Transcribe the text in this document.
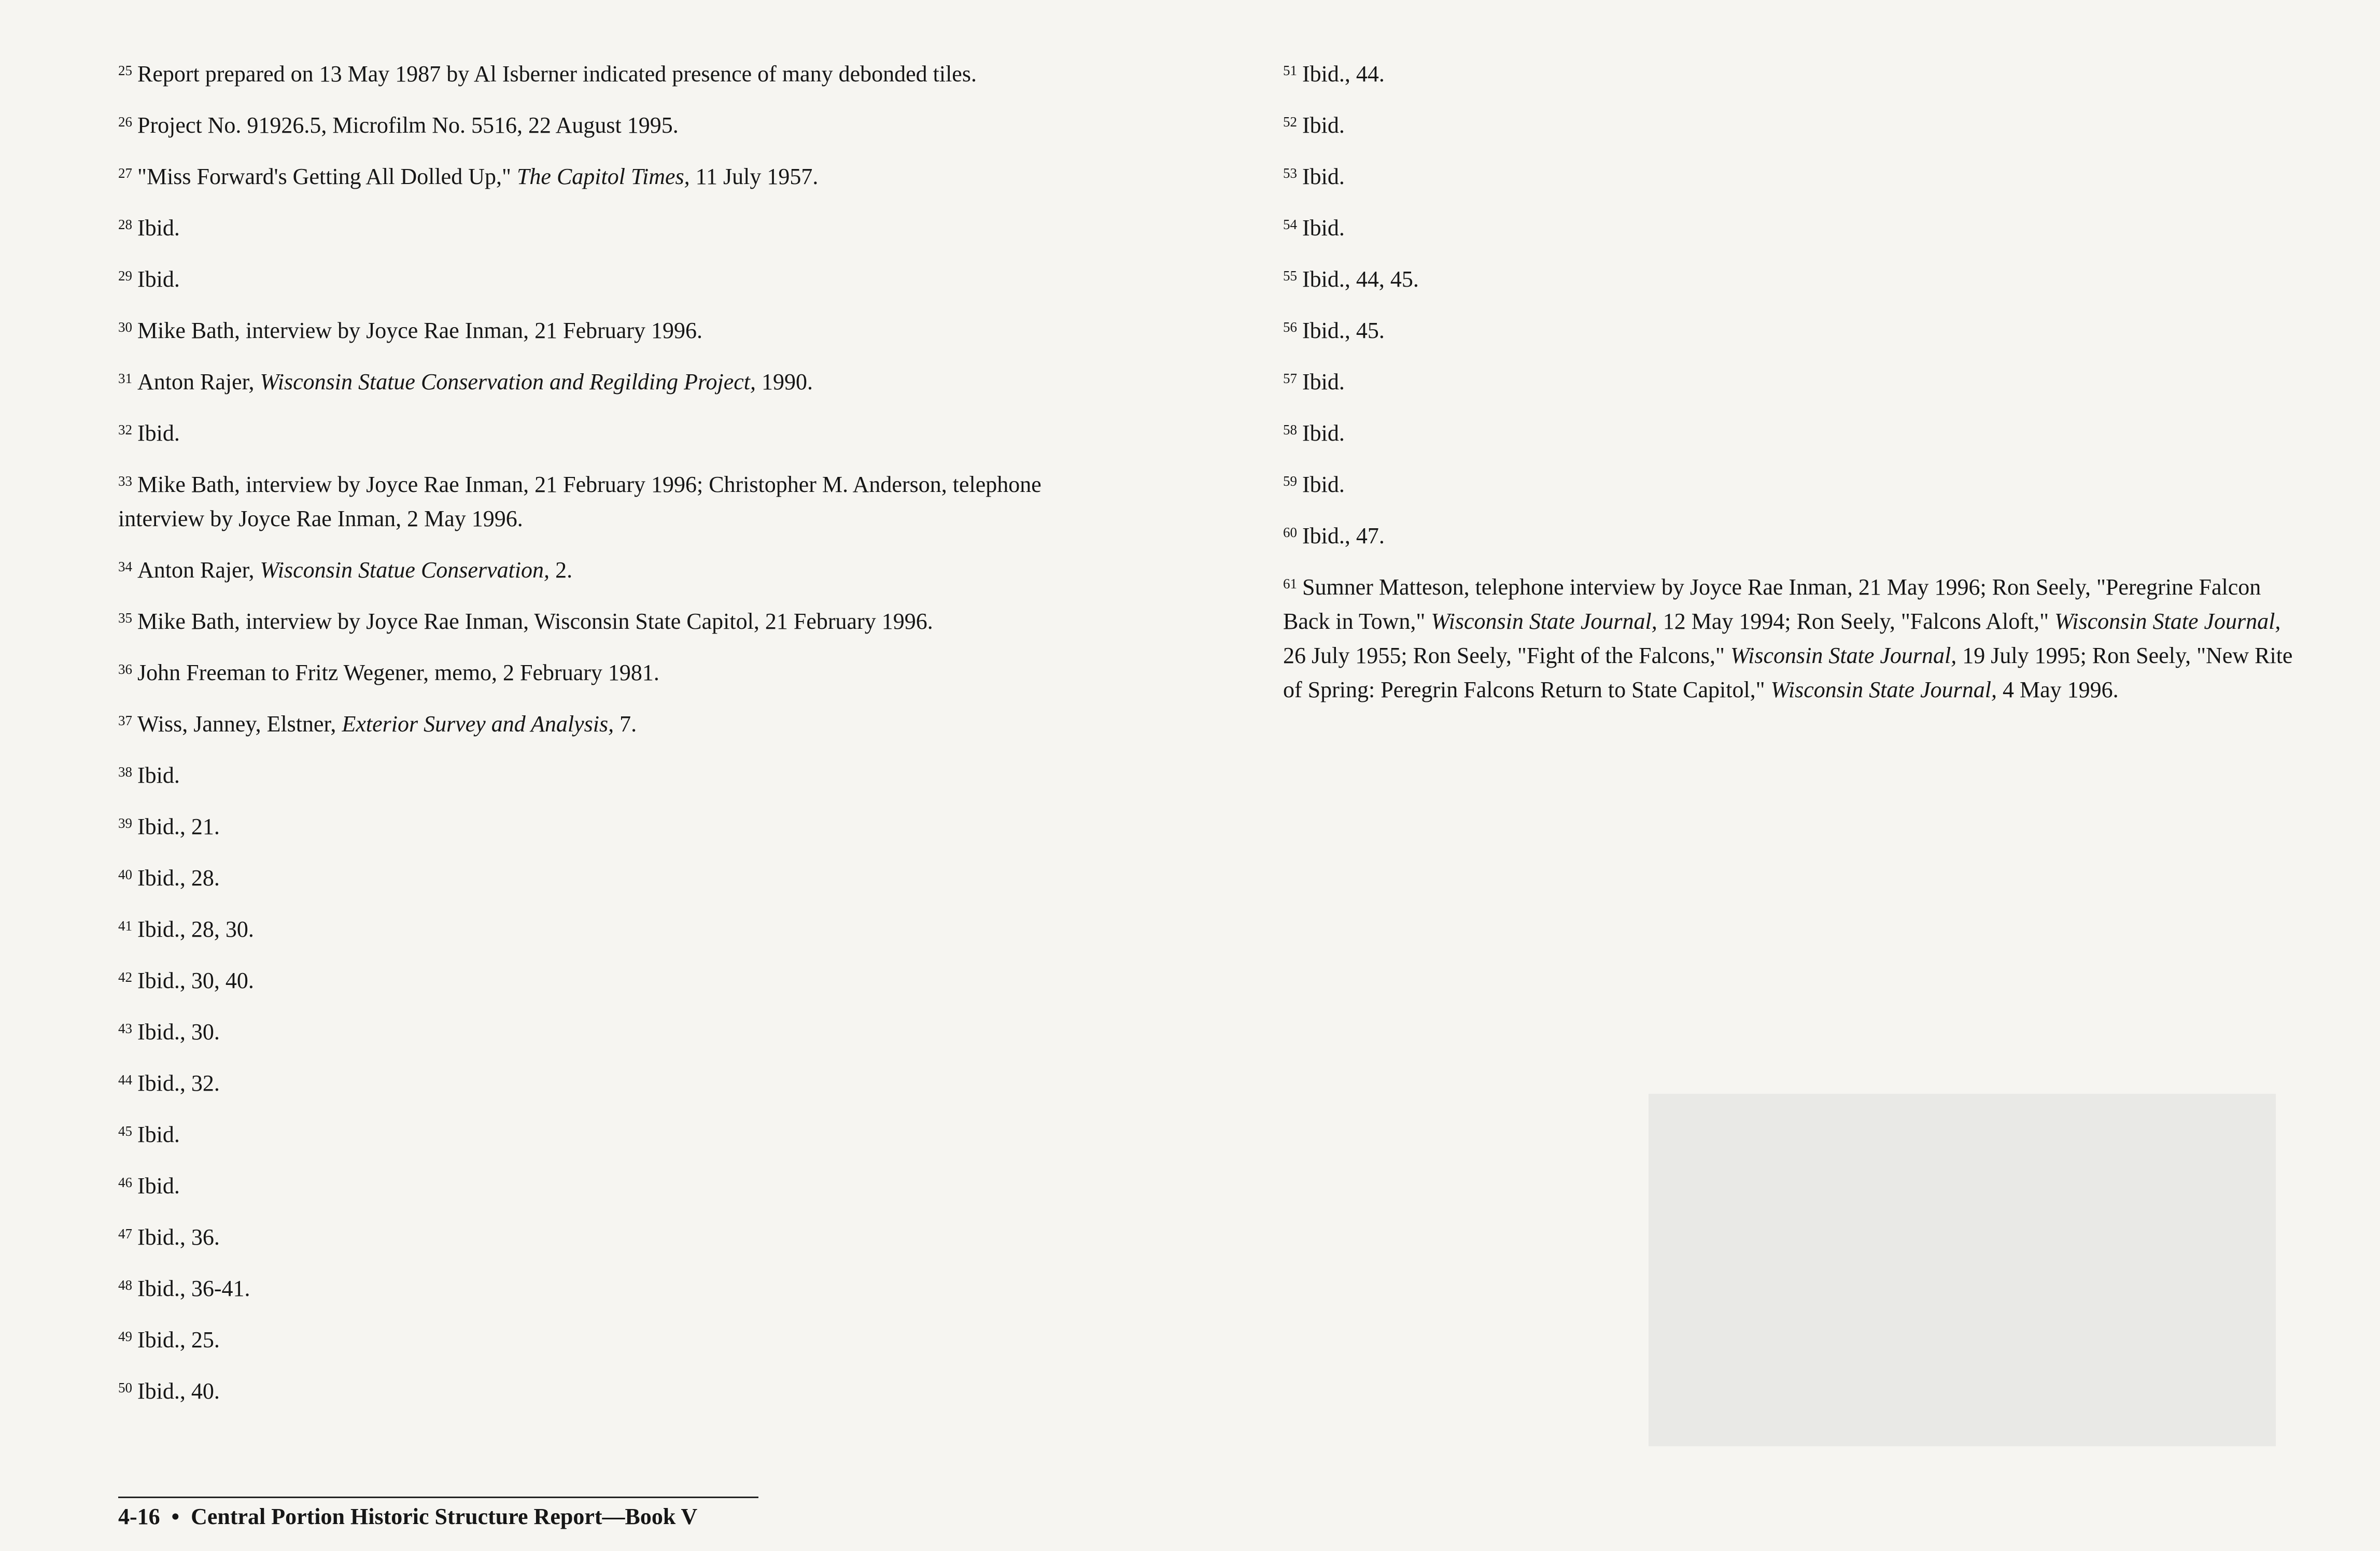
$^{25}$ Report prepared on 13 May 1987 by Al Isberner indicated presence of many debonded tiles.

$^{26}$ Project No. 91926.5, Microfilm No. 5516, 22 August 1995.

$^{27}$ "Miss Forward's Getting All Dolled Up," The Capitol Times, 11 July 1957.

$^{28}$ Ibid.

$^{29}$ Ibid.

$^{30}$ Mike Bath, interview by Joyce Rae Inman, 21 February 1996.

$^{31}$ Anton Rajer, Wisconsin Statue Conservation and Regilding Project, 1990.

$^{32}$ Ibid.

$^{33}$ Mike Bath, interview by Joyce Rae Inman, 21 February 1996; Christopher M. Anderson, telephone interview by Joyce Rae Inman, 2 May 1996.

$^{34}$ Anton Rajer, Wisconsin Statue Conservation, 2.

$^{35}$ Mike Bath, interview by Joyce Rae Inman, Wisconsin State Capitol, 21 February 1996.

$^{36}$ John Freeman to Fritz Wegener, memo, 2 February 1981.

$^{37}$ Wiss, Janney, Elstner, Exterior Survey and Analysis, 7.

$^{38}$ Ibid.

$^{39}$ Ibid., 21.

$^{40}$ Ibid., 28.

$^{41}$ Ibid., 28, 30.

$^{42}$ Ibid., 30, 40.

$^{43}$ Ibid., 30.

$^{44}$ Ibid., 32.

$^{45}$ Ibid.

$^{46}$ Ibid.

$^{47}$ Ibid., 36.

$^{48}$ Ibid., 36-41.

$^{49}$ Ibid., 25.

$^{50}$ Ibid., 40.

$^{51}$ Ibid., 44.

$^{52}$ Ibid.

$^{53}$ Ibid.

$^{54}$ Ibid.

$^{55}$ Ibid., 44, 45.

$^{56}$ Ibid., 45.

$^{57}$ Ibid.

$^{58}$ Ibid.

$^{59}$ Ibid.

$^{60}$ Ibid., 47.

$^{61}$ Sumner Matteson, telephone interview by Joyce Rae Inman, 21 May 1996; Ron Seely, "Peregrine Falcon Back in Town," Wisconsin State Journal, 12 May 1994; Ron Seely, "Falcons Aloft," Wisconsin State Journal, 26 July 1955; Ron Seely, "Fight of the Falcons," Wisconsin State Journal, 19 July 1995; Ron Seely, "New Rite of Spring: Peregrin Falcons Return to State Capitol," Wisconsin State Journal, 4 May 1996.

4-16 • Central Portion Historic Structure Report—Book V
